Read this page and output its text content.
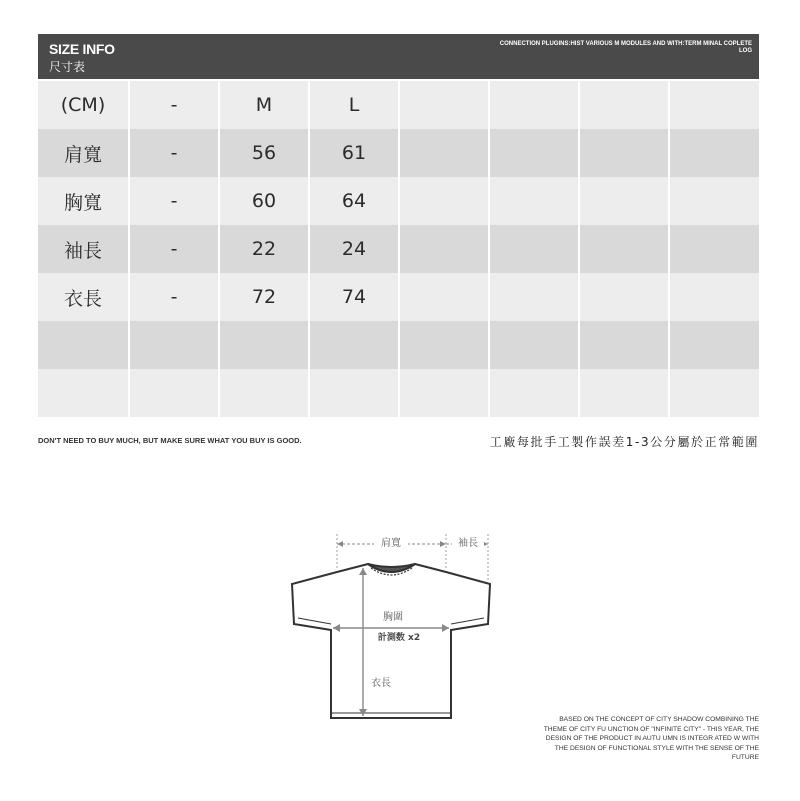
SIZE INFO
尺寸表
CONNECTION PLUGINS:HIST VARIOUS M MODULES AND WITH:TERM MINAL COPLETE LOG
(CM)	-	M	L
肩寬	-	56	61
胸寬	-	60	64
袖長	-	22	24
衣長	-	72	74
DON'T NEED TO BUY MUCH, BUT MAKE SURE WHAT YOU BUY IS GOOD.	工廠每批手工製作誤差1-3公分屬於正常範圍
肩寬	袖長
胸圍
計測数 x2
衣長
BASED ON THE CONCEPT OF CITY SHADOW COMBINING THE THEME OF CITY FU UNCTION OF "INFINITE CITY" - THIS YEAR, THE DESIGN OF THE PRODUCT IN AUTU UMN IS INTEGR ATED W WITH THE DESIGN OF FUNCTIONAL STYLE WITH THE SENSE OF THE FUTURE
